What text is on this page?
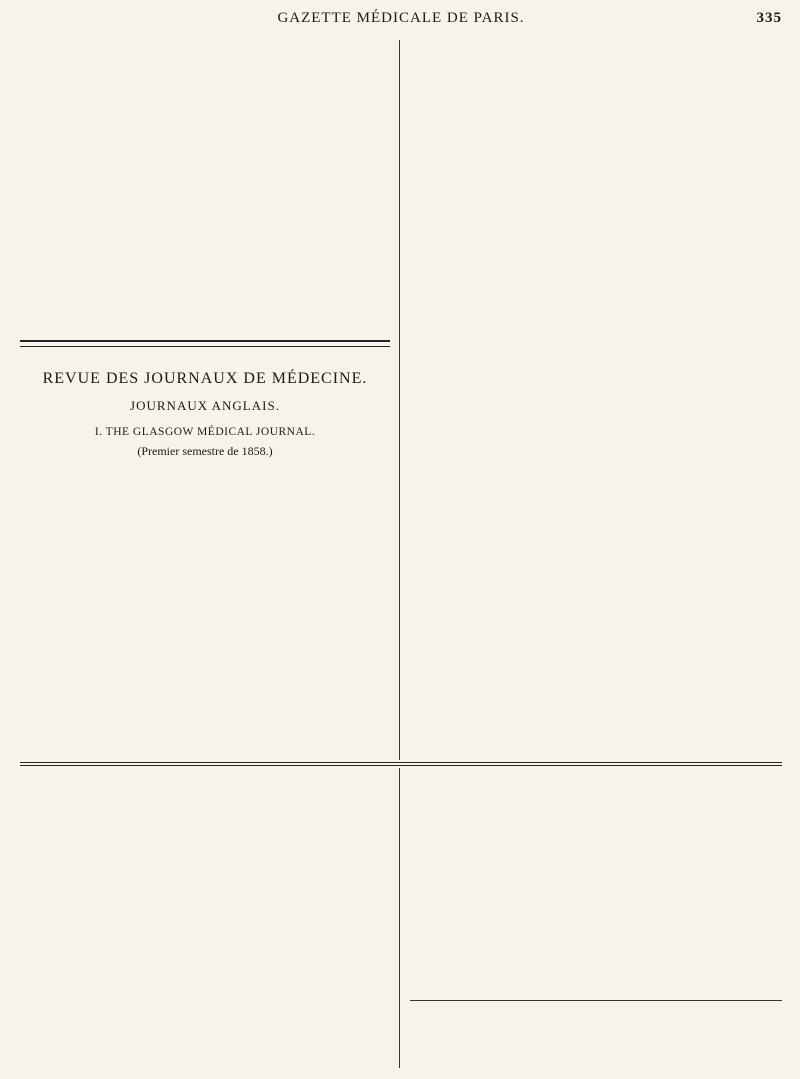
GAZETTE MÉDICALE DE PARIS.	335
REVUE DES JOURNAUX DE MÉDECINE.
JOURNAUX ANGLAIS.
I. THE GLASGOW MÉDICAL JOURNAL.
(Premier semestre de 1858.)
